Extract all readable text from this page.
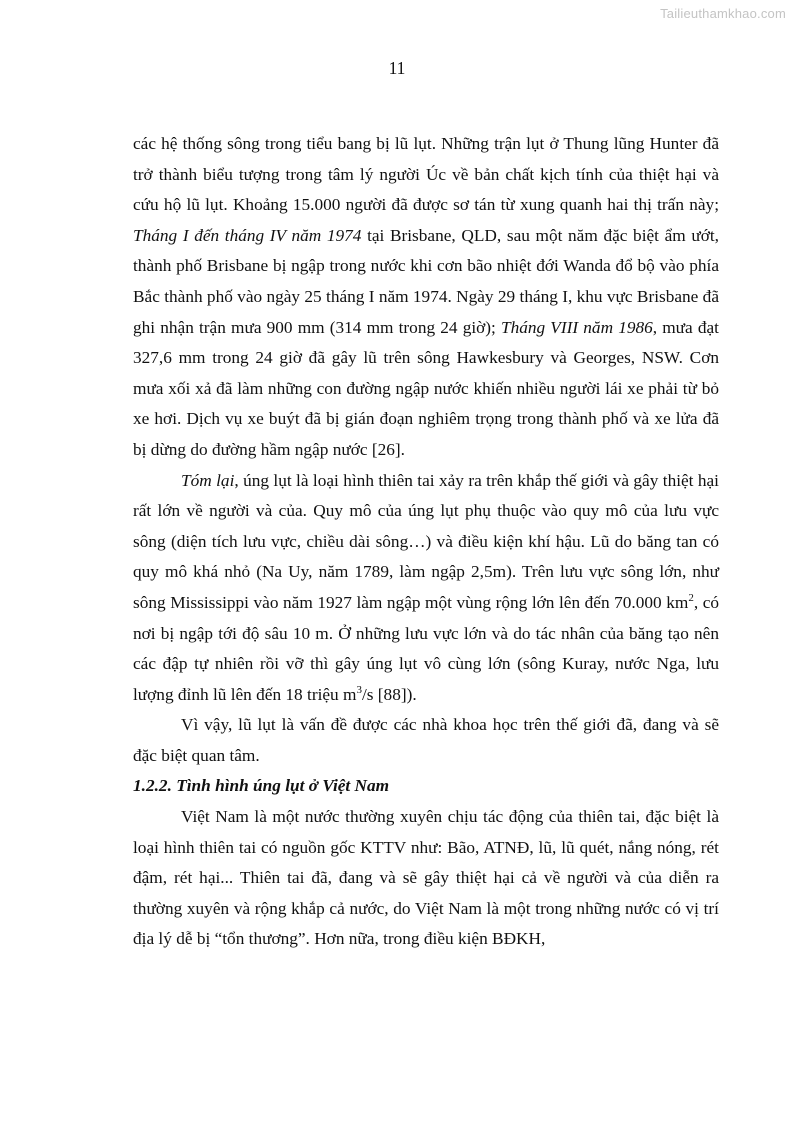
Tailieuthamkhao.com
11

các hệ thống sông trong tiểu bang bị lũ lụt. Những trận lụt ở Thung lũng Hunter đã trở thành biểu tượng trong tâm lý người Úc về bản chất kịch tính của thiệt hại và cứu hộ lũ lụt. Khoảng 15.000 người đã được sơ tán từ xung quanh hai thị trấn này; Tháng I đến tháng IV năm 1974 tại Brisbane, QLD, sau một năm đặc biệt ẩm ướt, thành phố Brisbane bị ngập trong nước khi cơn bão nhiệt đới Wanda đổ bộ vào phía Bắc thành phố vào ngày 25 tháng I năm 1974. Ngày 29 tháng I, khu vực Brisbane đã ghi nhận trận mưa 900 mm (314 mm trong 24 giờ); Tháng VIII năm 1986, mưa đạt 327,6 mm trong 24 giờ đã gây lũ trên sông Hawkesbury và Georges, NSW. Cơn mưa xối xả đã làm những con đường ngập nước khiến nhiều người lái xe phải từ bỏ xe hơi. Dịch vụ xe buýt đã bị gián đoạn nghiêm trọng trong thành phố và xe lửa đã bị dừng do đường hầm ngập nước [26].

Tóm lại, úng lụt là loại hình thiên tai xảy ra trên khắp thế giới và gây thiệt hại rất lớn về người và của. Quy mô của úng lụt phụ thuộc vào quy mô của lưu vực sông (diện tích lưu vực, chiều dài sông…) và điều kiện khí hậu. Lũ do băng tan có quy mô khá nhỏ (Na Uy, năm 1789, làm ngập 2,5m). Trên lưu vực sông lớn, như sông Mississippi vào năm 1927 làm ngập một vùng rộng lớn lên đến 70.000 $km^2$, có nơi bị ngập tới độ sâu 10 m. Ở những lưu vực lớn và do tác nhân của băng tạo nên các đập tự nhiên rồi vỡ thì gây úng lụt vô cùng lớn (sông Kuray, nước Nga, lưu lượng đỉnh lũ lên đến 18 triệu $m^3/s$ [88]).

Vì vậy, lũ lụt là vấn đề được các nhà khoa học trên thế giới đã, đang và sẽ đặc biệt quan tâm.

1.2.2. Tình hình úng lụt ở Việt Nam

Việt Nam là một nước thường xuyên chịu tác động của thiên tai, đặc biệt là loại hình thiên tai có nguồn gốc KTTV như: Bão, ATNĐ, lũ, lũ quét, nắng nóng, rét đậm, rét hại... Thiên tai đã, đang và sẽ gây thiệt hại cả về người và của diễn ra thường xuyên và rộng khắp cả nước, do Việt Nam là một trong những nước có vị trí địa lý dễ bị “tổn thương”. Hơn nữa, trong điều kiện BĐKH,
